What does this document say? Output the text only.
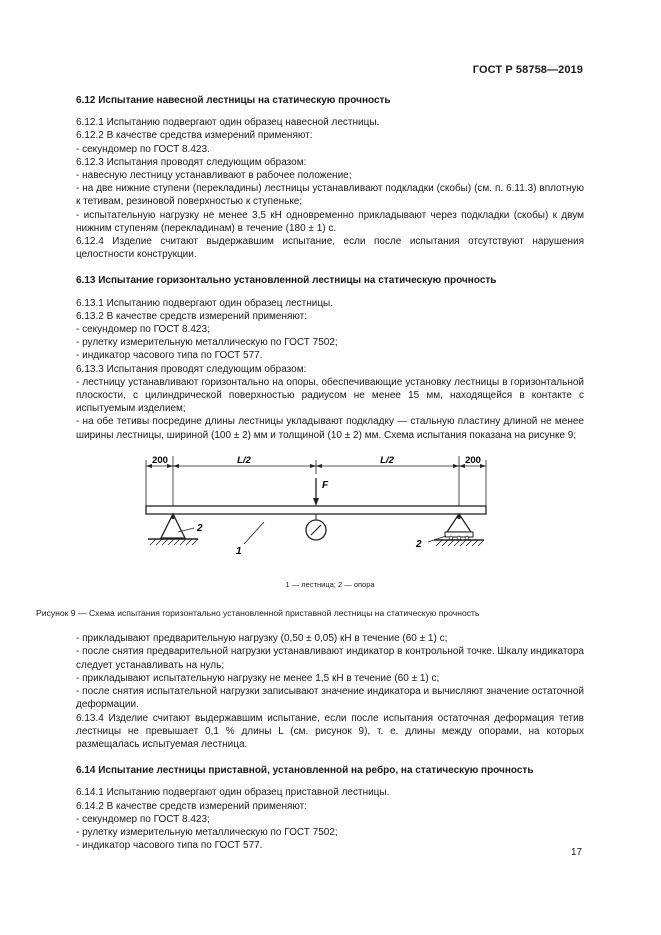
ГОСТ Р 58758—2019

6.12 Испытание навесной лестницы на статическую прочность

6.12.1 Испытанию подвергают один образец навесной лестницы.

6.12.2 В качестве средства измерений применяют:

- секундомер по ГОСТ 8.423.

6.12.3 Испытания проводят следующим образом:

- навесную лестницу устанавливают в рабочее положение;

- на две нижние ступени (перекладины) лестницы устанавливают подкладки (скобы) (см. п. 6.11.3) вплотную к тетивам, резиновой поверхностью к ступенькe;

- испытательную нагрузку не менее 3,5 кН одновременно прикладывают через подкладки (скобы) к двум нижним ступеням (перекладинам) в течение (180 ± 1) с.

6.12.4 Изделие считают выдержавшим испытание, если после испытания отсутствуют нарушения целостности конструкции.

6.13 Испытание горизонтально установленной лестницы на статическую прочность

6.13.1 Испытанию подвергают один образец лестницы.

6.13.2 В качестве средств измерений применяют:

- секундомер по ГОСТ 8.423;

- рулетку измерительную металлическую по ГОСТ 7502;

- индикатор часового типа по ГОСТ 577.

6.13.3 Испытания проводят следующим образом:

- лестницу устанавливают горизонтально на опоры, обеспечивающие установку лестницы в горизонтальной плоскости, с цилиндрической поверхностью радиусом не менее 15 мм, находящейся в контакте с испытуемым изделием;

- на обе тетивы посредине длины лестницы укладывают подкладку — стальную пластину длиной не менее ширины лестницы, шириной (100 ± 2) мм и толщиной (10 ± 2) мм. Схема испытания показана на рисунке 9;

200	L/2	L/2	200
F
2
1
2
1 — лестница; 2 — опора
Рисунок 9 — Схема испытания горизонтально установленной приставной лестницы на статическую прочность

- прикладывают предварительную нагрузку (0,50 ± 0,05) кН в течение (60 ± 1) с;

- после снятия предварительной нагрузки устанавливают индикатор в контрольной точке. Шкалу индикатора следует устанавливать на нуль;

- прикладывают испытательную нагрузку не менее 1,5 кН в течение (60 ± 1) с;

- после снятия испытательной нагрузки записывают значение индикатора и вычисляют значение остаточной деформации.

6.13.4 Изделие считают выдержавшим испытание, если после испытания остаточная деформация тетив лестницы не превышает 0,1 % длины L (см. рисунок 9), т. е. длины между опорами, на которых размещалась испытуемая лестница.

6.14 Испытание лестницы приставной, установленной на ребро, на статическую прочность

6.14.1 Испытанию подвергают один образец приставной лестницы.

6.14.2 В качестве средств измерений применяют:

- секундомер по ГОСТ 8.423;

- рулетку измерительную металлическую по ГОСТ 7502;

- индикатор часового типа по ГОСТ 577.

17
